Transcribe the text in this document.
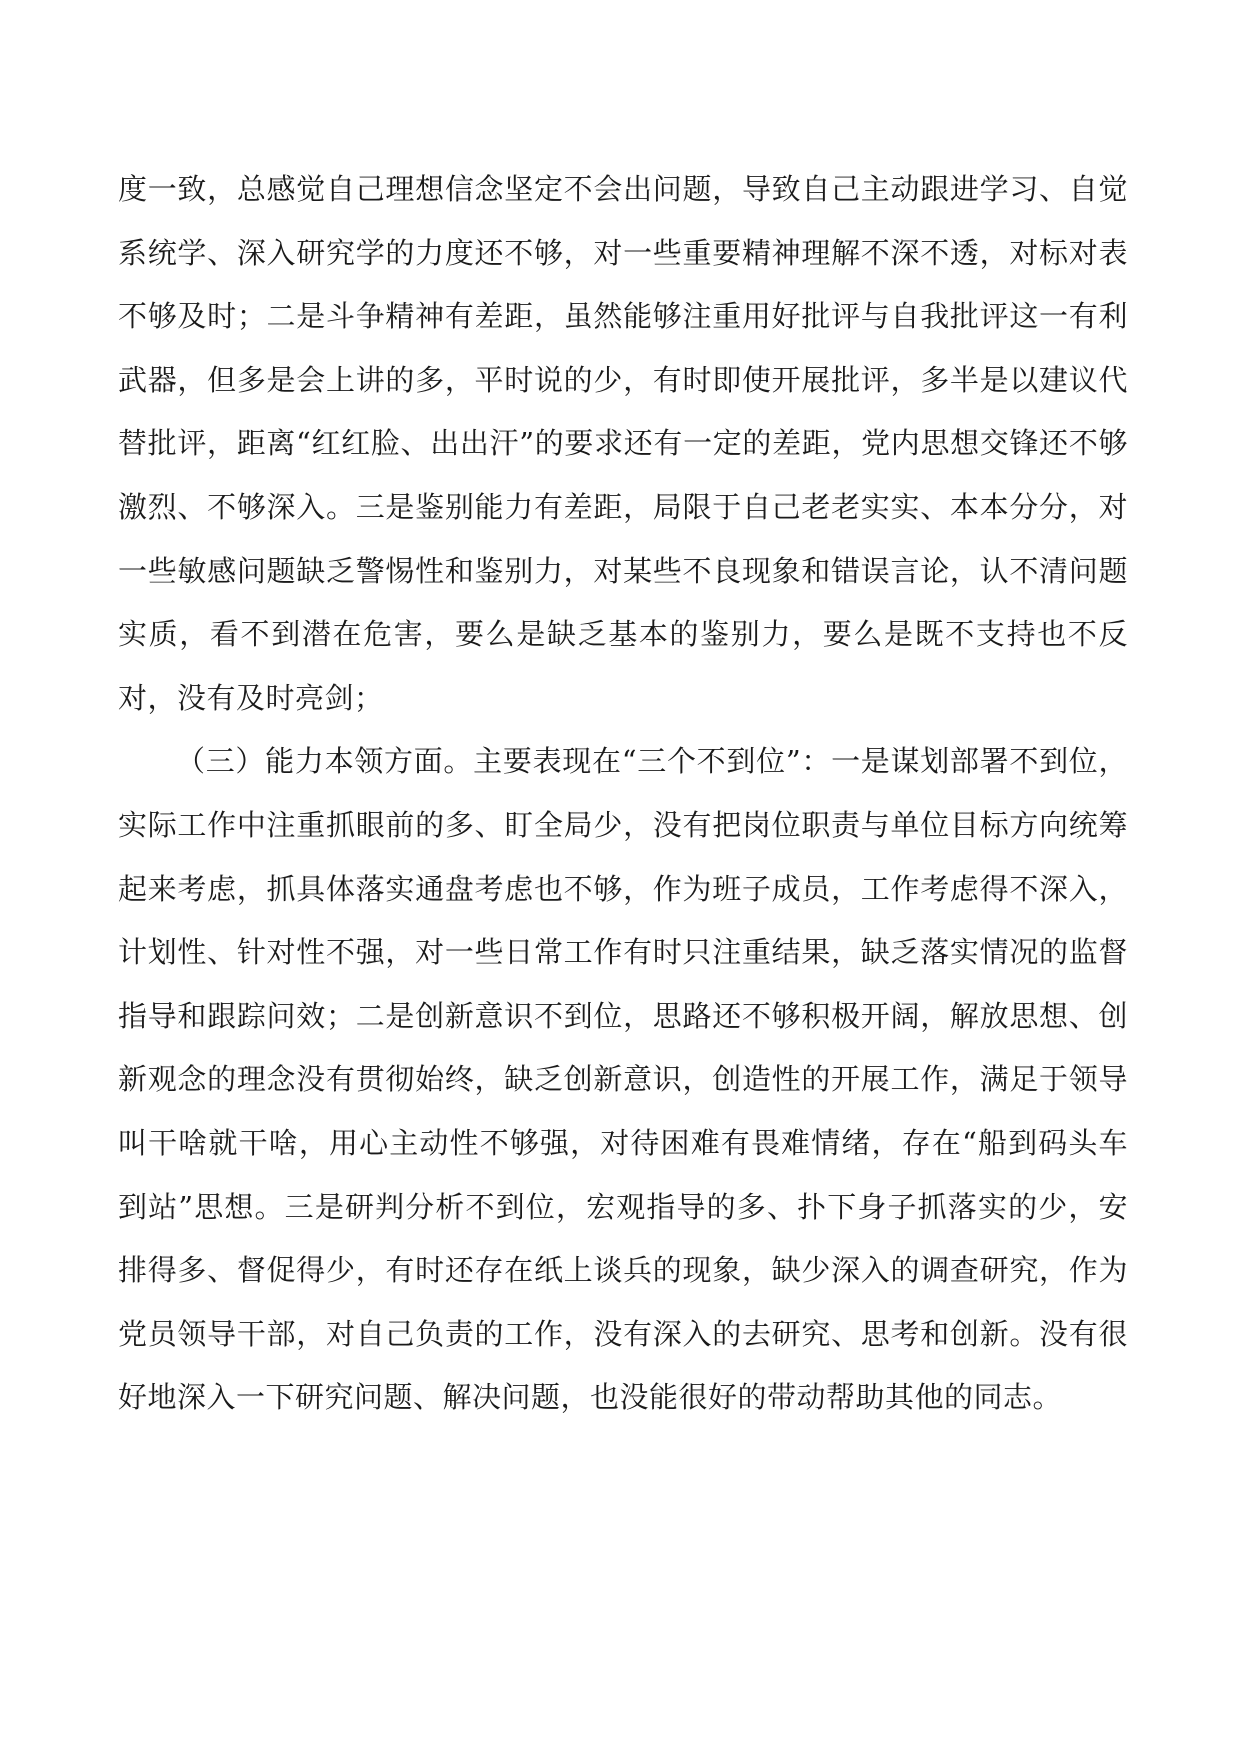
度一致，总感觉自己理想信念坚定不会出问题，导致自己主动跟进学习、自觉系统学、深入研究学的力度还不够，对一些重要精神理解不深不透，对标对表不够及时；二是斗争精神有差距，虽然能够注重用好批评与自我批评这一有利武器，但多是会上讲的多，平时说的少，有时即使开展批评，多半是以建议代替批评，距离“红红脸、出出汗”的要求还有一定的差距，党内思想交锋还不够激烈、不够深入。三是鉴别能力有差距，局限于自己老老实实、本本分分，对一些敏感问题缺乏警惕性和鉴别力，对某些不良现象和错误言论，认不清问题实质，看不到潜在危害，要么是缺乏基本的鉴别力，要么是既不支持也不反对，没有及时亮剑；

（三）能力本领方面。主要表现在“三个不到位”：一是谋划部署不到位，实际工作中注重抓眼前的多、盯全局少，没有把岗位职责与单位目标方向统筹起来考虑，抓具体落实通盘考虑也不够，作为班子成员，工作考虑得不深入，计划性、针对性不强，对一些日常工作有时只注重结果，缺乏落实情况的监督指导和跟踪问效；二是创新意识不到位，思路还不够积极开阔，解放思想、创新观念的理念没有贯彻始终，缺乏创新意识，创造性的开展工作，满足于领导叫干啥就干啥，用心主动性不够强，对待困难有畏难情绪，存在“船到码头车到站”思想。三是研判分析不到位，宏观指导的多、扑下身子抓落实的少，安排得多、督促得少，有时还存在纸上谈兵的现象，缺少深入的调查研究，作为党员领导干部，对自己负责的工作，没有深入的去研究、思考和创新。没有很好地深入一下研究问题、解决问题，也没能很好的带动帮助其他的同志。
